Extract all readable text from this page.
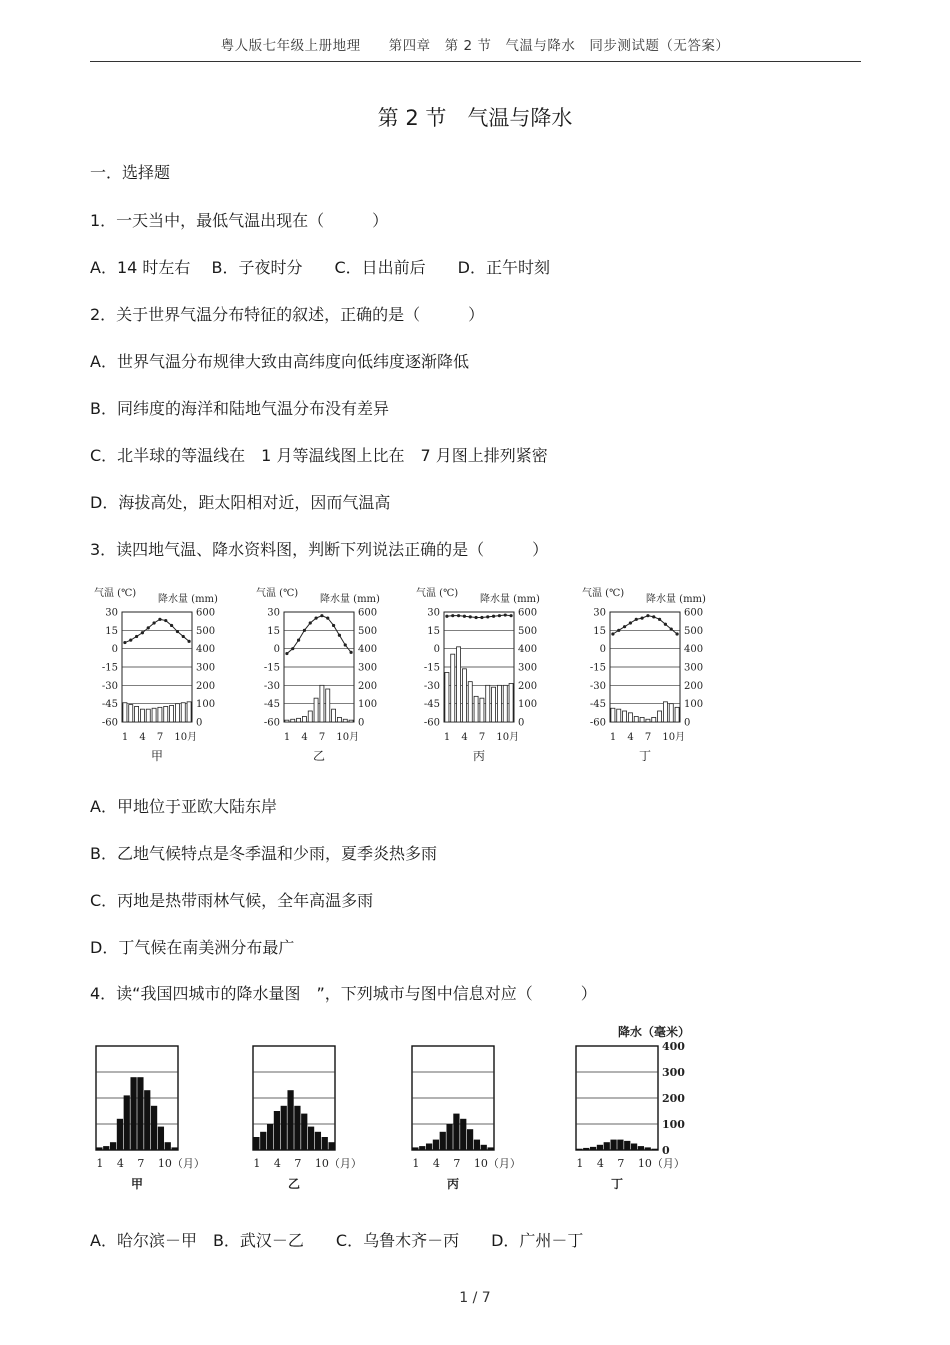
粤人版七年级上册地理　　第四章　第 2 节　气温与降水　同步测试题（无答案）
第 2 节　气温与降水
一．选择题
1．一天当中，最低气温出现在（　　　）
A．14 时左右　 B．子夜时分　　C．日出前后　　D．正午时刻
2．关于世界气温分布特征的叙述，正确的是（　　　）
A．世界气温分布规律大致由高纬度向低纬度逐渐降低
B．同纬度的海洋和陆地气温分布没有差异
C．北半球的等温线在　1 月等温线图上比在　7 月图上排列紧密
D．海拔高处，距太阳相对近，因而气温高
3．读四地气温、降水资料图，判断下列说法正确的是（　　　）
气温 (℃)
降水量 (mm)
30	600
15	500
0	400
-15	300
-30	200
-45	100
-60	0
1 4 7 10月
甲
气温 (℃)
降水量 (mm)
30	600
15	500
0	400
-15	300
-30	200
-45	100
-60	0
1 4 7 10月
乙
气温 (℃)
降水量 (mm)
30	600
15	500
0	400
-15	300
-30	200
-45	100
-60	0
1 4 7 10月
丙
气温 (℃)
降水量 (mm)
30	600
15	500
0	400
-15	300
-30	200
-45	100
-60	0
1 4 7 10月
丁
A．甲地位于亚欧大陆东岸
B．乙地气候特点是冬季温和少雨，夏季炎热多雨
C．丙地是热带雨林气候，全年高温多雨
D．丁气候在南美洲分布最广
4．读“我国四城市的降水量图　”，下列城市与图中信息对应（　　　）
1 4 7 10（月）
甲
1 4 7 10（月）
乙
1 4 7 10（月）
丙
1 4 7 10（月）
丁
降水（毫米）
400
300
200
100
0
A．哈尔滨－甲　B．武汉－乙　　C．乌鲁木齐－丙　　D．广州－丁
1 / 7
